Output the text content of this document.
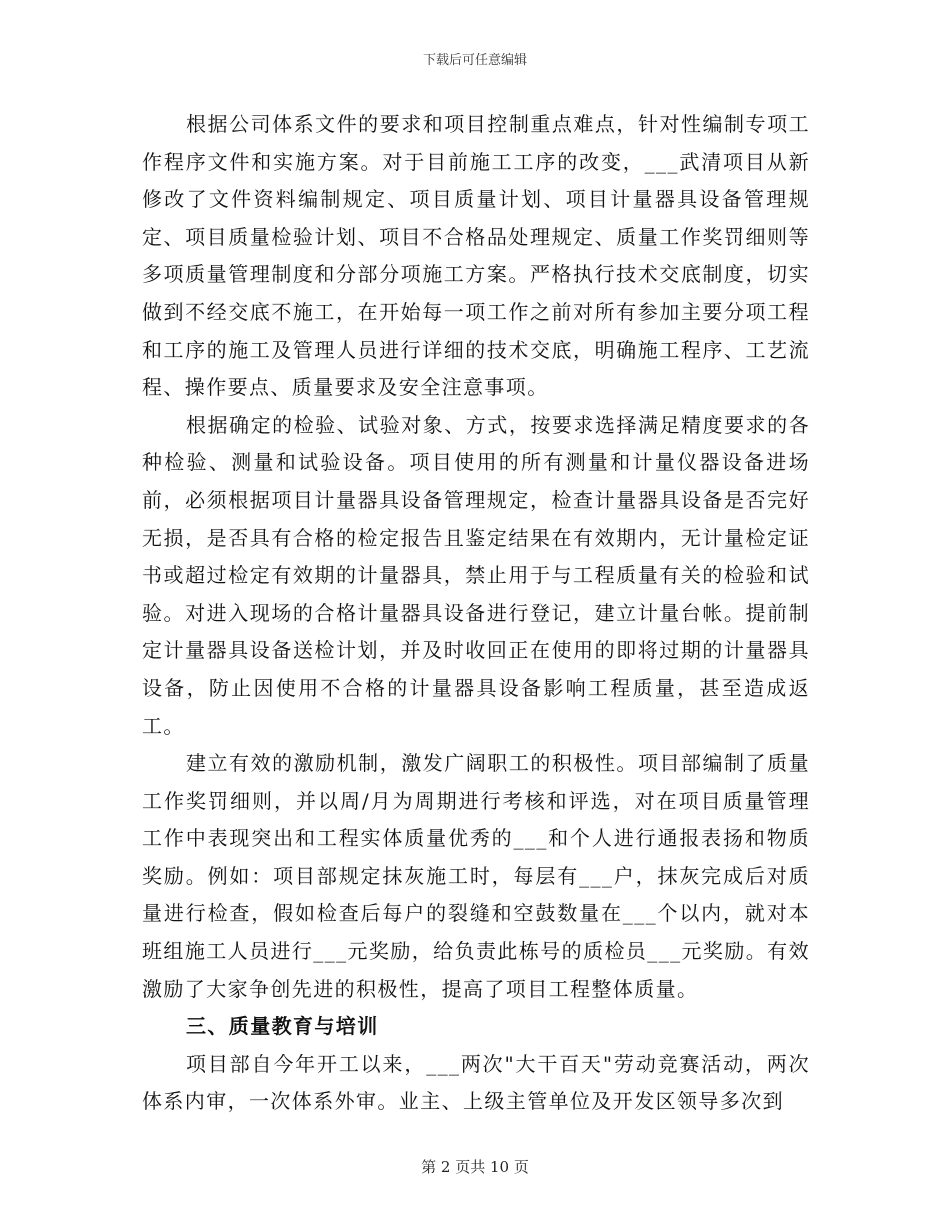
下载后可任意编辑

根据公司体系文件的要求和项目控制重点难点，针对性编制专项工作程序文件和实施方案。对于目前施工工序的改变，___武清项目从新修改了文件资料编制规定、项目质量计划、项目计量器具设备管理规定、项目质量检验计划、项目不合格品处理规定、质量工作奖罚细则等多项质量管理制度和分部分项施工方案。严格执行技术交底制度，切实做到不经交底不施工，在开始每一项工作之前对所有参加主要分项工程和工序的施工及管理人员进行详细的技术交底，明确施工程序、工艺流程、操作要点、质量要求及安全注意事项。

根据确定的检验、试验对象、方式，按要求选择满足精度要求的各种检验、测量和试验设备。项目使用的所有测量和计量仪器设备进场前，必须根据项目计量器具设备管理规定，检查计量器具设备是否完好无损，是否具有合格的检定报告且鉴定结果在有效期内，无计量检定证书或超过检定有效期的计量器具，禁止用于与工程质量有关的检验和试验。对进入现场的合格计量器具设备进行登记，建立计量台帐。提前制定计量器具设备送检计划，并及时收回正在使用的即将过期的计量器具设备，防止因使用不合格的计量器具设备影响工程质量，甚至造成返工。

建立有效的激励机制，激发广阔职工的积极性。项目部编制了质量工作奖罚细则，并以周/月为周期进行考核和评选，对在项目质量管理工作中表现突出和工程实体质量优秀的___和个人进行通报表扬和物质奖励。例如：项目部规定抹灰施工时，每层有___户，抹灰完成后对质量进行检查，假如检查后每户的裂缝和空鼓数量在___个以内，就对本班组施工人员进行___元奖励，给负责此栋号的质检员___元奖励。有效激励了大家争创先进的积极性，提高了项目工程整体质量。

三、质量教育与培训

项目部自今年开工以来，___两次"大干百天"劳动竞赛活动，两次体系内审，一次体系外审。业主、上级主管单位及开发区领导多次到

第 2 页共 10 页
